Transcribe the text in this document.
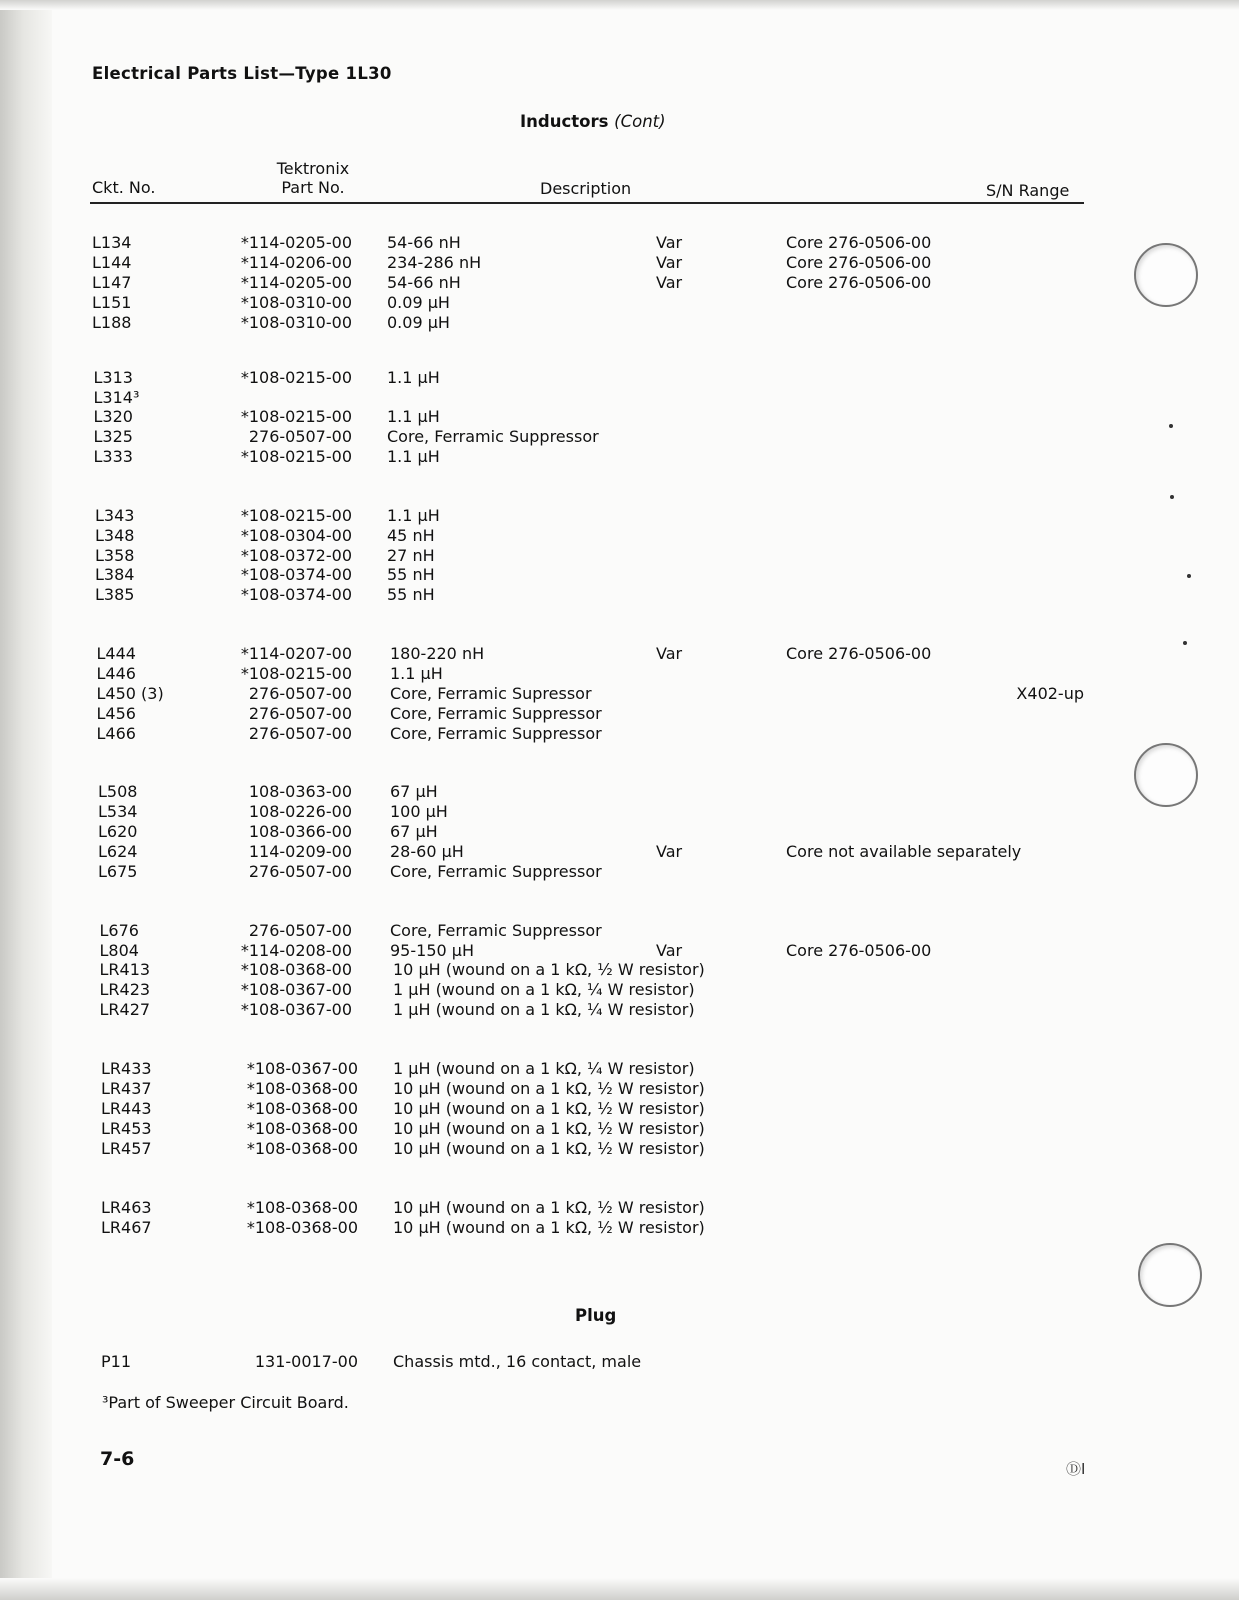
Electrical Parts List—Type 1L30
Inductors (Cont)
Ckt. No.
Tektronix
Part No.	Description	S/N Range
L134	*114-0205-00 54-66 nH	Var	Core 276-0506-00
L144	*114-0206-00 234-286 nH	Var	Core 276-0506-00
L147	*114-0205-00 54-66 nH	Var	Core 276-0506-00
L151	*108-0310-00 0.09 μH
L188	*108-0310-00 0.09 μH
L313	*108-0215-00 1.1 μH
L314³
L320	*108-0215-00 1.1 μH
L325	276-0507-00 Core, Ferramic Suppressor
L333	*108-0215-00 1.1 μH
L343	*108-0215-00 1.1 μH
L348	*108-0304-00 45 nH
L358	*108-0372-00 27 nH
L384	*108-0374-00 55 nH
L385	*108-0374-00 55 nH
L444	*114-0207-00 180-220 nH	Var	Core 276-0506-00
L446	*108-0215-00 1.1 μH
L450 (3)	276-0507-00 Core, Ferramic Supressor	X402-up
L456	276-0507-00 Core, Ferramic Suppressor
L466	276-0507-00 Core, Ferramic Suppressor
L508	108-0363-00 67 μH
L534	108-0226-00 100 μH
L620	108-0366-00 67 μH
L624	114-0209-00 28-60 μH	Var	Core not available separately
L675	276-0507-00 Core, Ferramic Suppressor
L676	276-0507-00 Core, Ferramic Suppressor
L804	*114-0208-00 95-150 μH	Var	Core 276-0506-00
LR413	*108-0368-00	10 μH (wound on a 1 kΩ, ½ W resistor)
LR423	*108-0367-00	1 μH (wound on a 1 kΩ, ¼ W resistor)
LR427	*108-0367-00	1 μH (wound on a 1 kΩ, ¼ W resistor)
LR433	*108-0367-00 1 μH (wound on a 1 kΩ, ¼ W resistor)
LR437	*108-0368-00 10 μH (wound on a 1 kΩ, ½ W resistor)
LR443	*108-0368-00 10 μH (wound on a 1 kΩ, ½ W resistor)
LR453	*108-0368-00 10 μH (wound on a 1 kΩ, ½ W resistor)
LR457	*108-0368-00 10 μH (wound on a 1 kΩ, ½ W resistor)
LR463	*108-0368-00 10 μH (wound on a 1 kΩ, ½ W resistor)
LR467	*108-0368-00 10 μH (wound on a 1 kΩ, ½ W resistor)
Plug
P11	131-0017-00 Chassis mtd., 16 contact, male
³Part of Sweeper Circuit Board.
7-6	ⒹI
